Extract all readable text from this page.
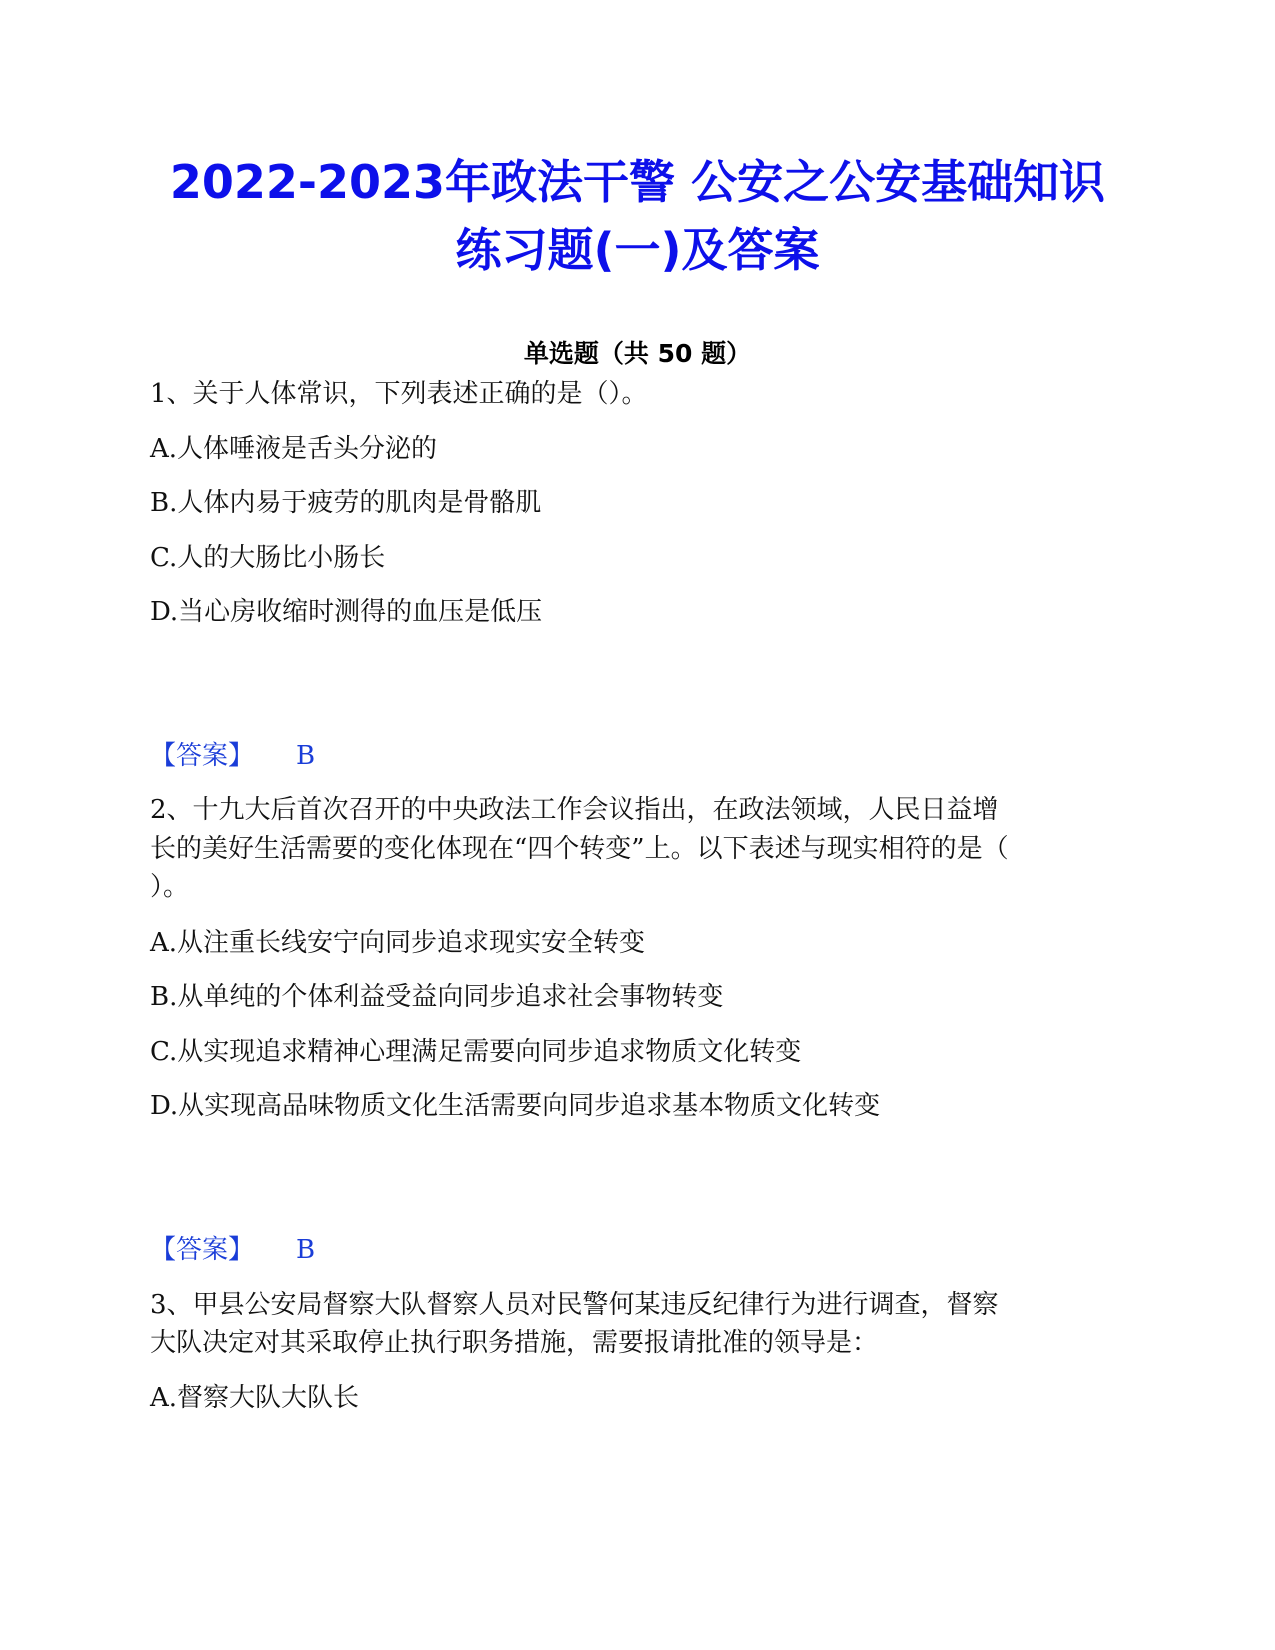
2022-2023年政法干警 公安之公安基础知识
练习题(一)及答案
单选题（共 50 题）
1、关于人体常识，下列表述正确的是（）。
A.人体唾液是舌头分泌的
B.人体内易于疲劳的肌肉是骨骼肌
C.人的大肠比小肠长
D.当心房收缩时测得的血压是低压
【答案】 B
2、十九大后首次召开的中央政法工作会议指出，在政法领域，人民日益增
长的美好生活需要的变化体现在“四个转变”上。以下表述与现实相符的是（
）。
A.从注重长线安宁向同步追求现实安全转变
B.从单纯的个体利益受益向同步追求社会事物转变
C.从实现追求精神心理满足需要向同步追求物质文化转变
D.从实现高品味物质文化生活需要向同步追求基本物质文化转变
【答案】 B
3、甲县公安局督察大队督察人员对民警何某违反纪律行为进行调查，督察
大队决定对其采取停止执行职务措施，需要报请批准的领导是：
A.督察大队大队长
